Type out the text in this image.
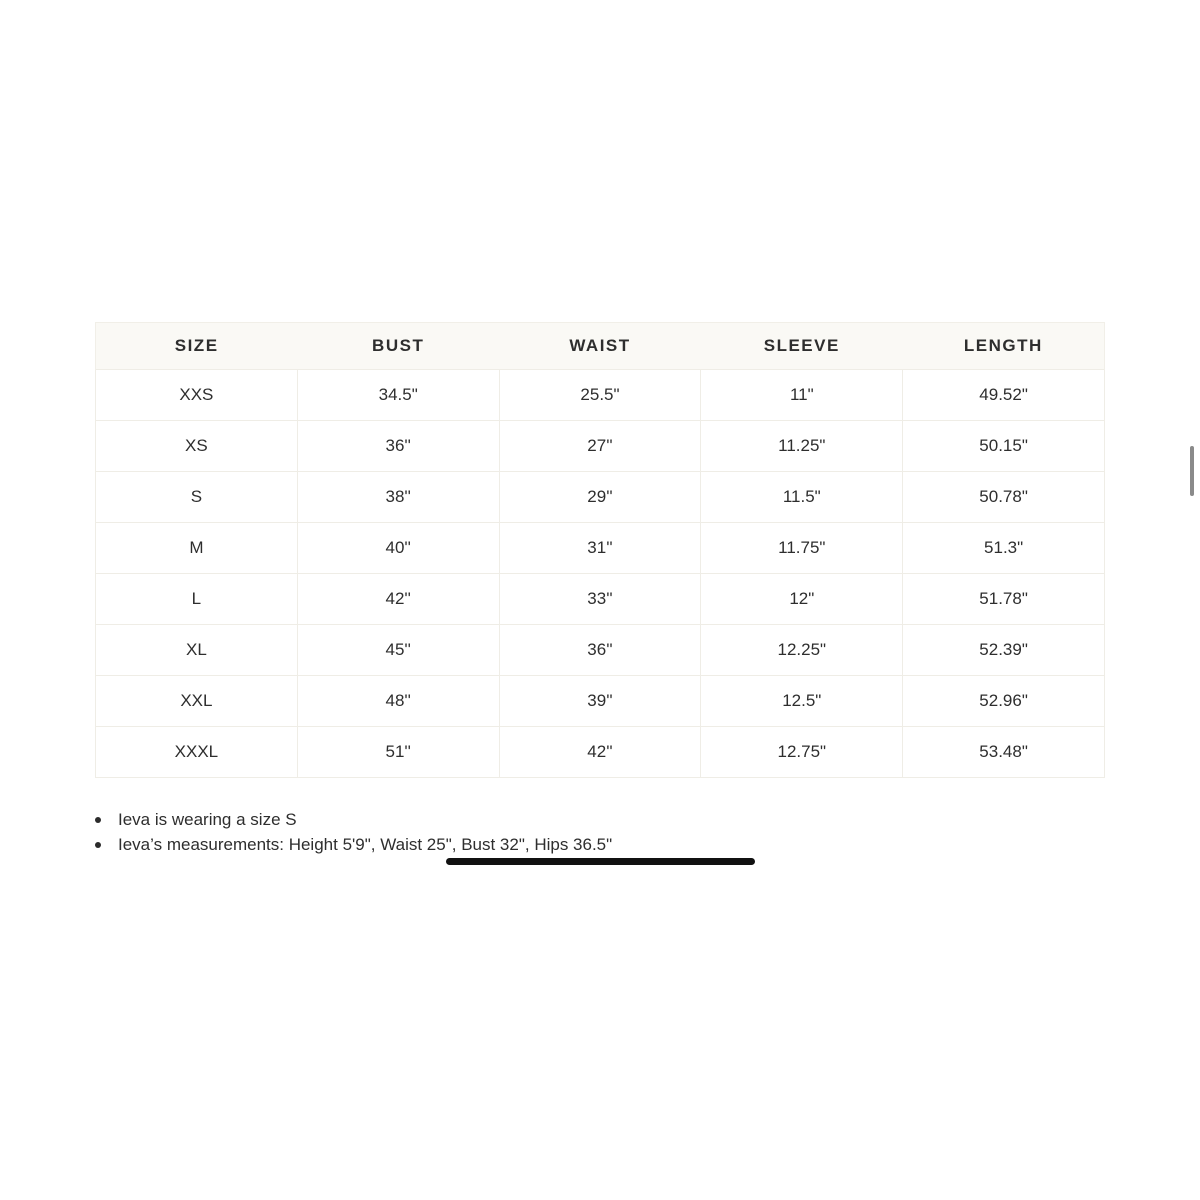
SIZE	BUST	WAIST	SLEEVE	LENGTH
XXS	34.5"	25.5"	11"	49.52"
XS	36''	27''	11.25"	50.15"
S	38''	29''	11.5"	50.78"
M	40''	31''	11.75"	51.3"
L	42''	33''	12"	51.78"
XL	45''	36''	12.25"	52.39"
XXL	48''	39''	12.5"	52.96"
XXXL	51''	42''	12.75"	53.48"
Ieva is wearing a size S
Ieva’s measurements: Height 5'9", Waist 25", Bust 32", Hips 36.5"
